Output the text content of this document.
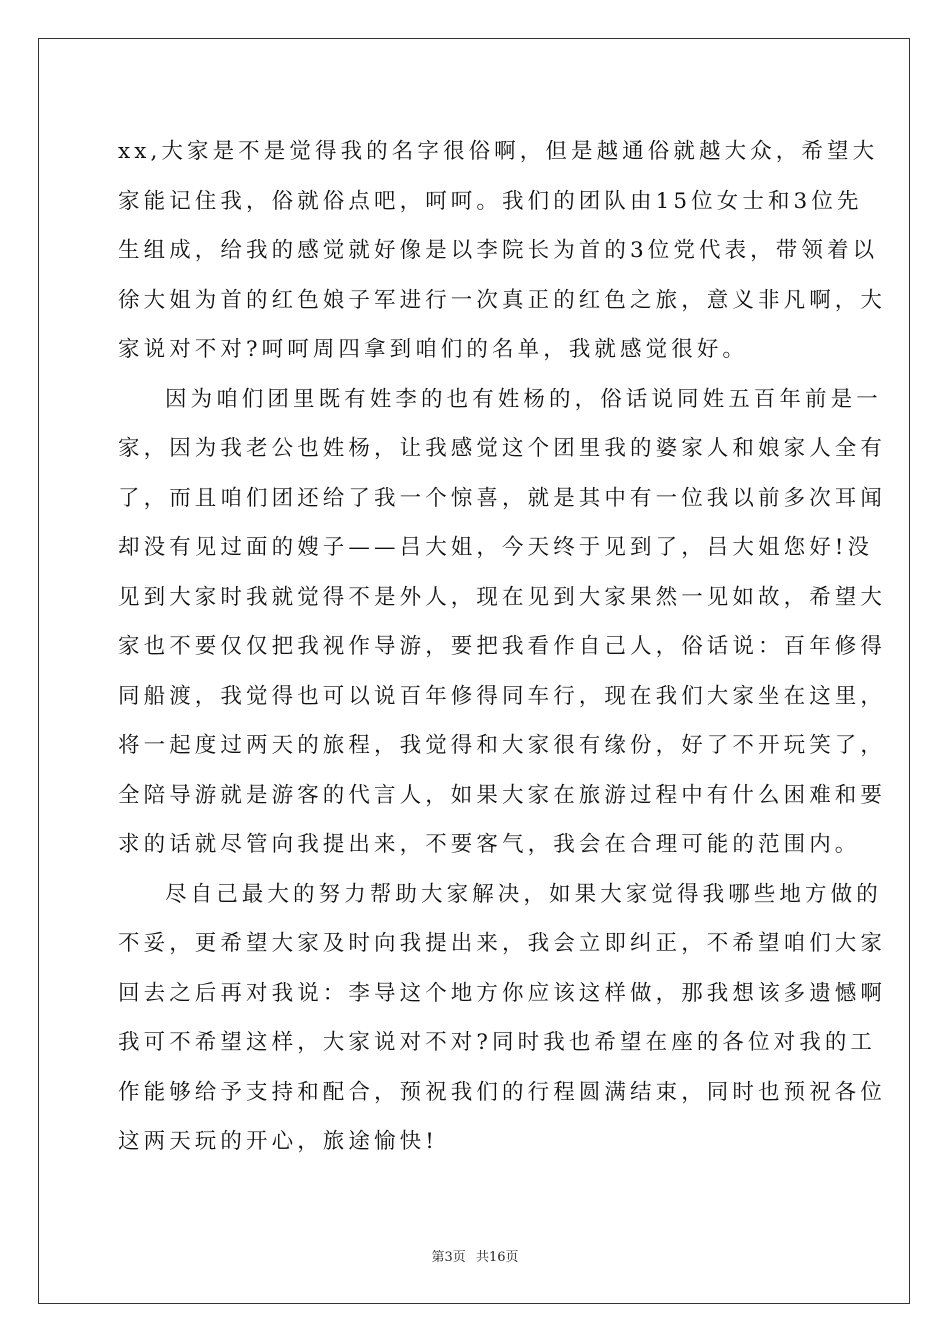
xx,大家是不是觉得我的名字很俗啊，但是越通俗就越大众，希望大
家能记住我，俗就俗点吧，呵呵。我们的团队由15位女士和3位先
生组成，给我的感觉就好像是以李院长为首的3位党代表，带领着以
徐大姐为首的红色娘子军进行一次真正的红色之旅，意义非凡啊，大
家说对不对?呵呵周四拿到咱们的名单，我就感觉很好。

因为咱们团里既有姓李的也有姓杨的，俗话说同姓五百年前是一
家，因为我老公也姓杨，让我感觉这个团里我的婆家人和娘家人全有
了，而且咱们团还给了我一个惊喜，就是其中有一位我以前多次耳闻
却没有见过面的嫂子——吕大姐，今天终于见到了，吕大姐您好!没
见到大家时我就觉得不是外人，现在见到大家果然一见如故，希望大
家也不要仅仅把我视作导游，要把我看作自己人，俗话说：百年修得
同船渡，我觉得也可以说百年修得同车行，现在我们大家坐在这里，
将一起度过两天的旅程，我觉得和大家很有缘份，好了不开玩笑了，
全陪导游就是游客的代言人，如果大家在旅游过程中有什么困难和要
求的话就尽管向我提出来，不要客气，我会在合理可能的范围内。

尽自己最大的努力帮助大家解决，如果大家觉得我哪些地方做的
不妥，更希望大家及时向我提出来，我会立即纠正，不希望咱们大家
回去之后再对我说：李导这个地方你应该这样做，那我想该多遗憾啊
我可不希望这样，大家说对不对?同时我也希望在座的各位对我的工
作能够给予支持和配合，预祝我们的行程圆满结束，同时也预祝各位
这两天玩的开心，旅途愉快!

第3页 共16页
